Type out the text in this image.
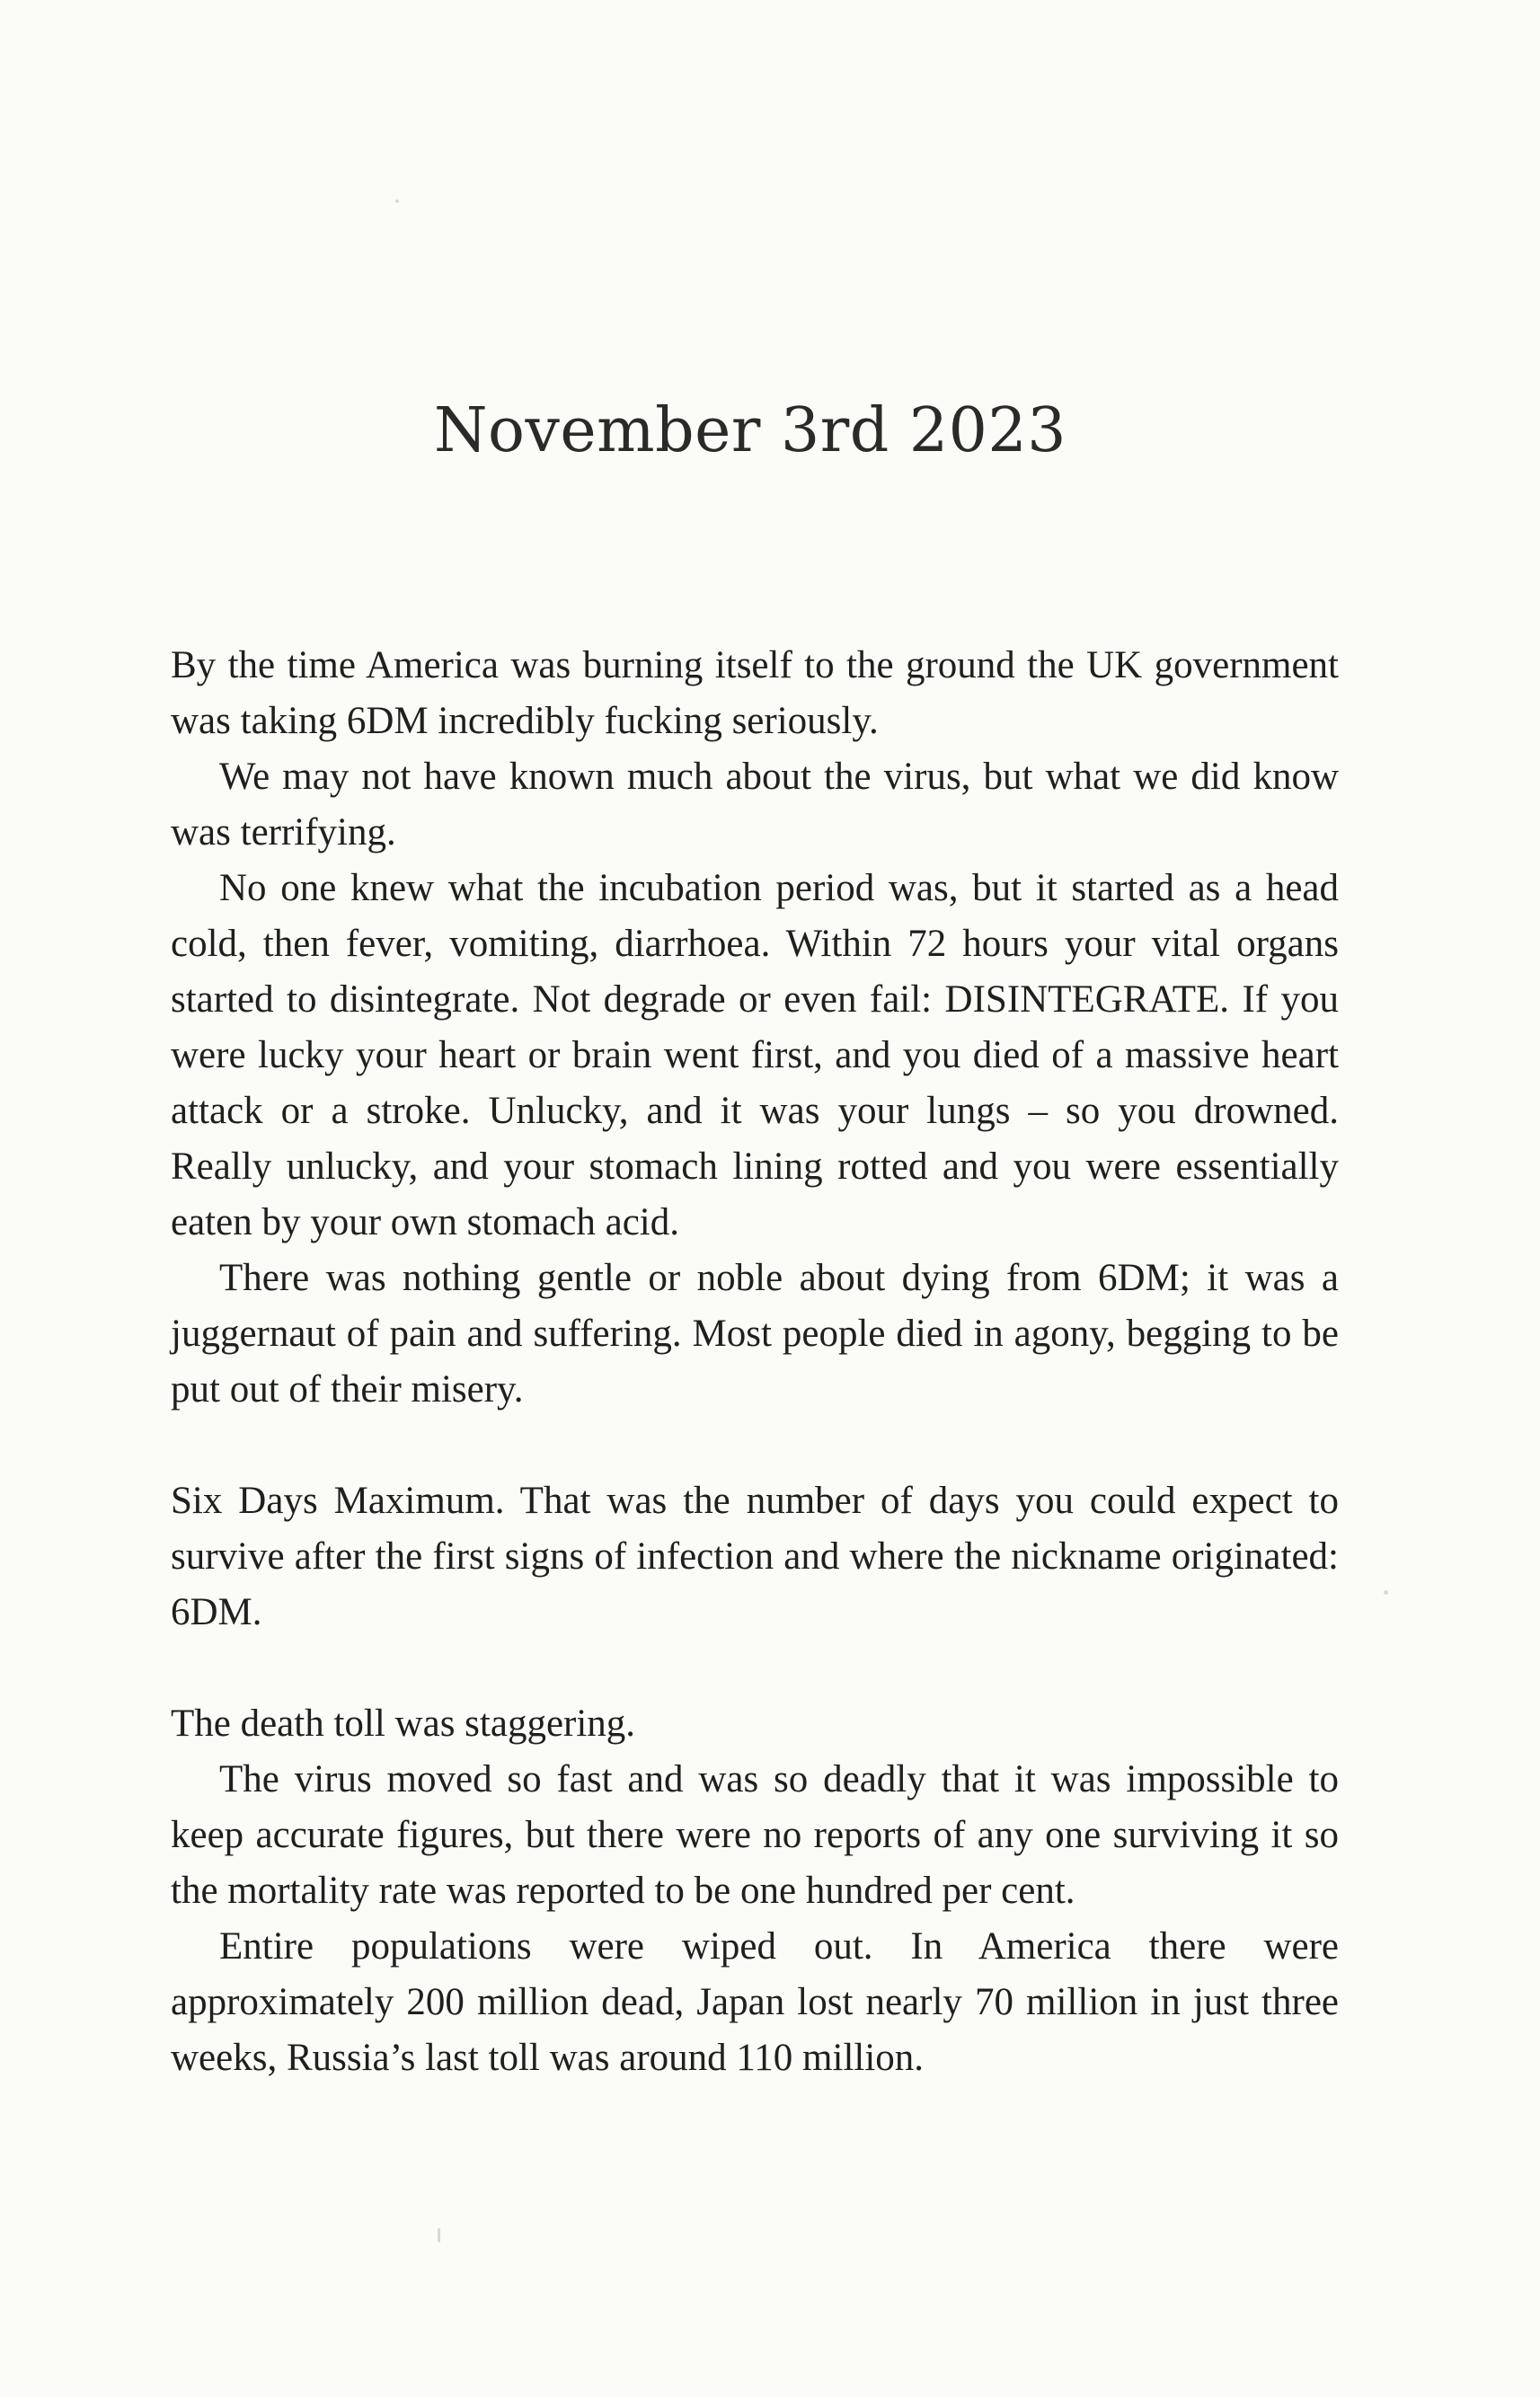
November 3rd 2023

By the time America was burning itself to the ground the UK government was taking 6DM incredibly fucking seriously.

We may not have known much about the virus, but what we did know was terrifying.

No one knew what the incubation period was, but it started as a head cold, then fever, vomiting, diarrhoea. Within 72 hours your vital organs started to disintegrate. Not degrade or even fail: DISINTEGRATE. If you were lucky your heart or brain went first, and you died of a massive heart attack or a stroke. Unlucky, and it was your lungs – so you drowned. Really unlucky, and your stomach lining rotted and you were essentially eaten by your own stomach acid.

There was nothing gentle or noble about dying from 6DM; it was a juggernaut of pain and suffering. Most people died in agony, begging to be put out of their misery.

Six Days Maximum. That was the number of days you could expect to survive after the first signs of infection and where the nickname originated: 6DM.

The death toll was staggering.

The virus moved so fast and was so deadly that it was impossible to keep accurate figures, but there were no reports of any one surviving it so the mortality rate was reported to be one hundred per cent.

Entire populations were wiped out. In America there were approximately 200 million dead, Japan lost nearly 70 million in just three weeks, Russia’s last toll was around 110 million.
